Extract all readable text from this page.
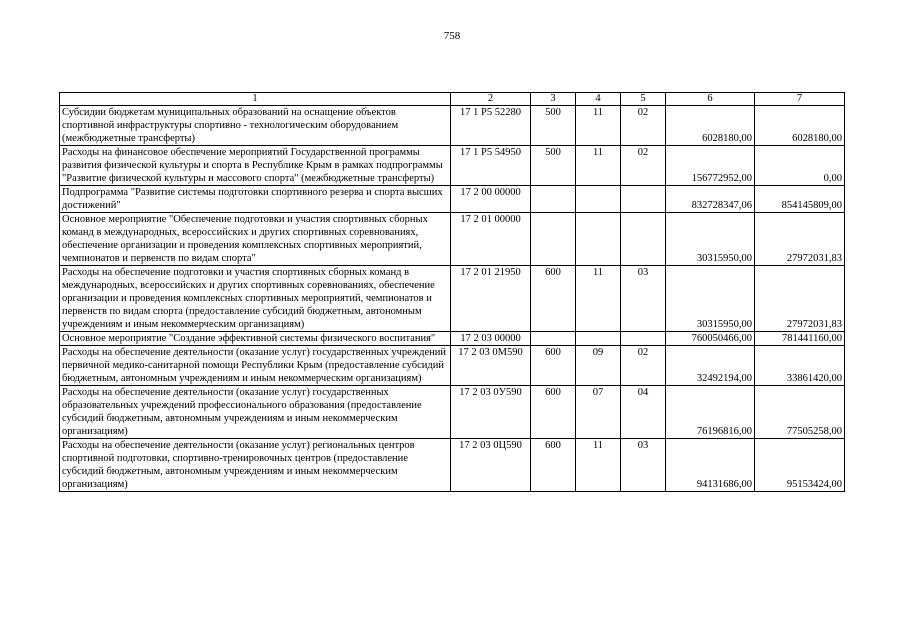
758
1	2	3	4	5	6	7
Субсидии бюджетам муниципальных образований на оснащение объектов спортивной инфраструктуры спортивно - технологическим оборудованием (межбюджетные трансферты)	17 1 P5 52280	500	11	02	6028180,00	6028180,00
Расходы на финансовое обеспечение мероприятий Государственной программы развития физической культуры и спорта в Республике Крым в рамках подпрограммы "Развитие физической культуры и массового спорта" (межбюджетные трансферты)	17 1 P5 54950	500	11	02	156772952,00	0,00
Подпрограмма "Развитие системы подготовки спортивного резерва и спорта высших достижений"	17 2 00 00000				832728347,06	854145809,00
Основное мероприятие "Обеспечение подготовки и участия спортивных сборных команд в международных, всероссийских и других спортивных соревнованиях, обеспечение организации и проведения комплексных спортивных мероприятий, чемпионатов и первенств по видам спорта"	17 2 01 00000				30315950,00	27972031,83
Расходы на обеспечение подготовки и участия спортивных сборных команд в международных, всероссийских и других спортивных соревнованиях, обеспечение организации и проведения комплексных спортивных мероприятий, чемпионатов и первенств по видам спорта (предоставление субсидий бюджетным, автономным учреждениям и иным некоммерческим организациям)	17 2 01 21950	600	11	03	30315950,00	27972031,83
Основное мероприятие "Создание эффективной системы физического воспитания"	17 2 03 00000				760050466,00	781441160,00
Расходы на обеспечение деятельности (оказание услуг) государственных учреждений первичной медико-санитарной помощи Республики Крым (предоставление субсидий бюджетным, автономным учреждениям и иным некоммерческим организациям)	17 2 03 0М590	600	09	02	32492194,00	33861420,00
Расходы на обеспечение деятельности (оказание услуг) государственных образовательных учреждений профессионального образования (предоставление субсидий бюджетным, автономным учреждениям и иным некоммерческим организациям)	17 2 03 0У590	600	07	04	76196816,00	77505258,00
Расходы на обеспечение деятельности (оказание услуг) региональных центров спортивной подготовки, спортивно-тренировочных центров (предоставление субсидий бюджетным, автономным учреждениям и иным некоммерческим организациям)	17 2 03 0Ц590	600	11	03	94131686,00	95153424,00
